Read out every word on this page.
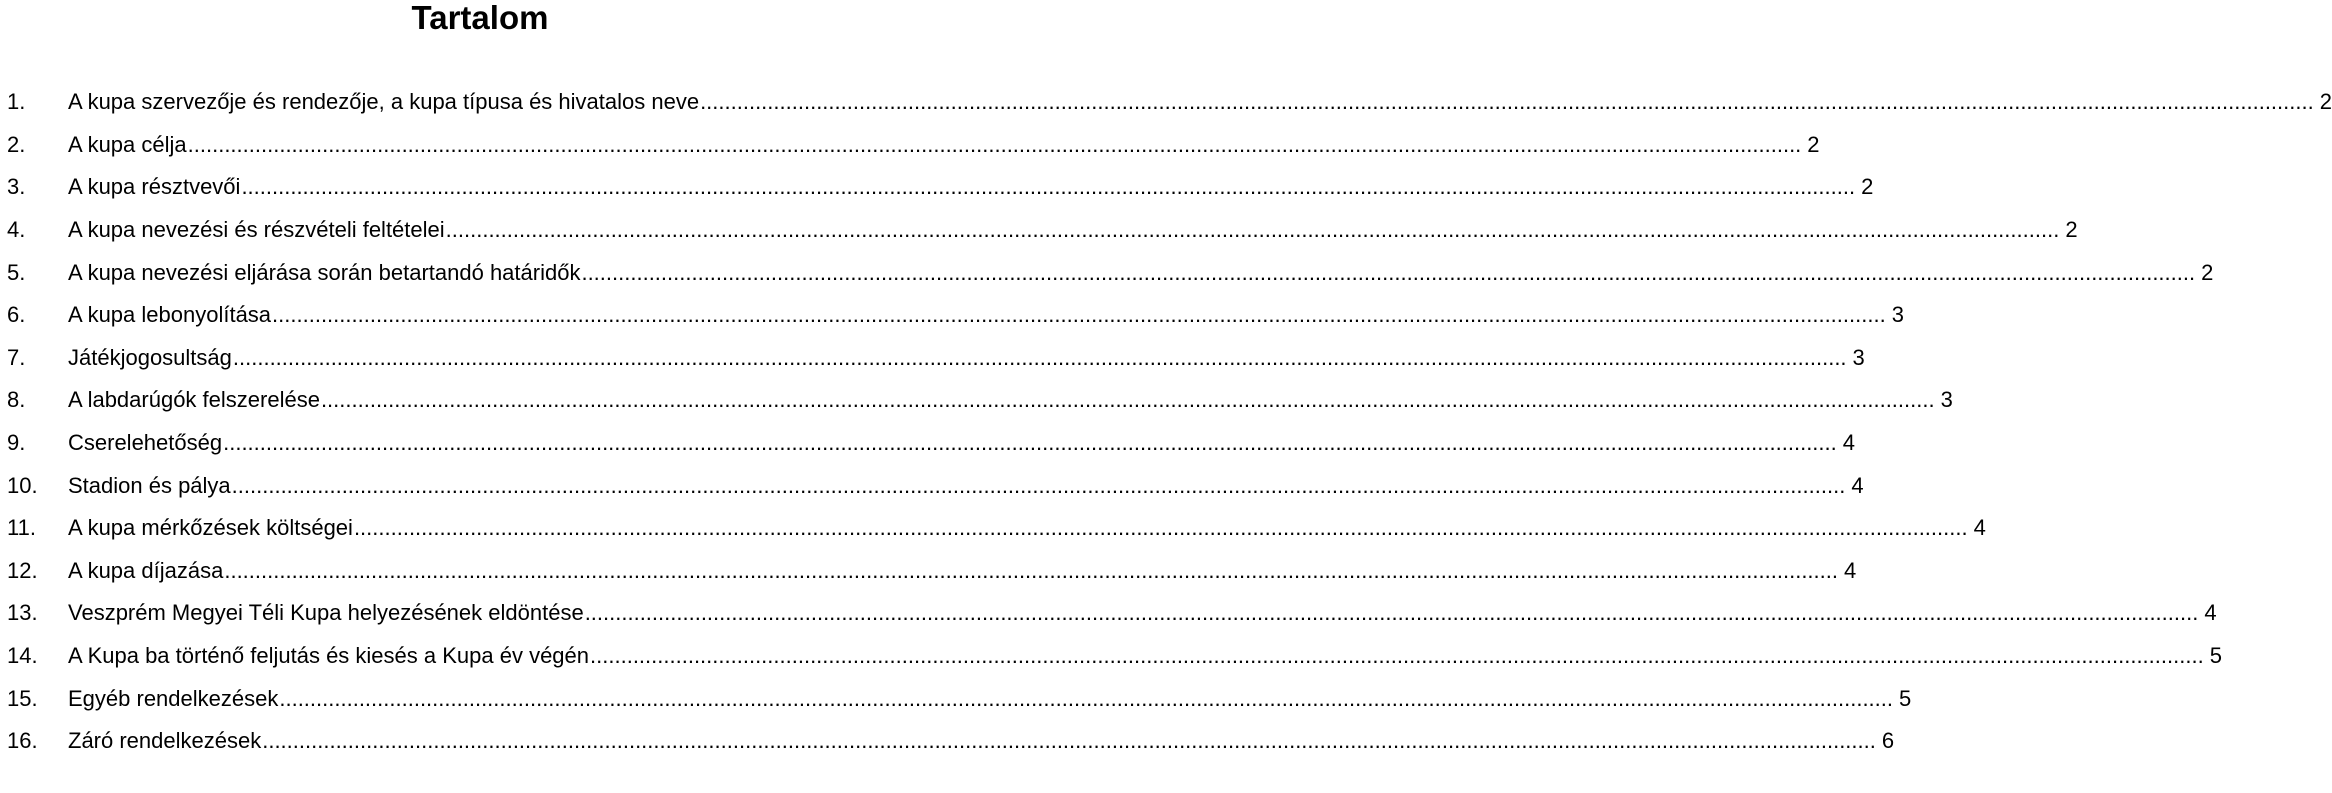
Tartalom
1.	A kupa szervezője és rendezője, a kupa típusa és hivatalos neve .....	2
2.	A kupa célja .....	2
3.	A kupa résztvevői .....	2
4.	A kupa nevezési és részvételi feltételei .....	2
5.	A kupa nevezési eljárása során betartandó határidők .....	2
6.	A kupa lebonyolítása .....	3
7.	Játékjogosultság .....	3
8.	A labdarúgók felszerelése .....	3
9.	Cserelehetőség .....	4
10.	Stadion és pálya .....	4
11.	A kupa mérkőzések költségei .....	4
12.	A kupa díjazása .....	4
13.	Veszprém Megyei Téli Kupa helyezésének eldöntése .....	4
14.	A Kupa ba történő feljutás és kiesés a Kupa év végén .....	5
15.	Egyéb rendelkezések .....	5
16.	Záró rendelkezések .....	6
